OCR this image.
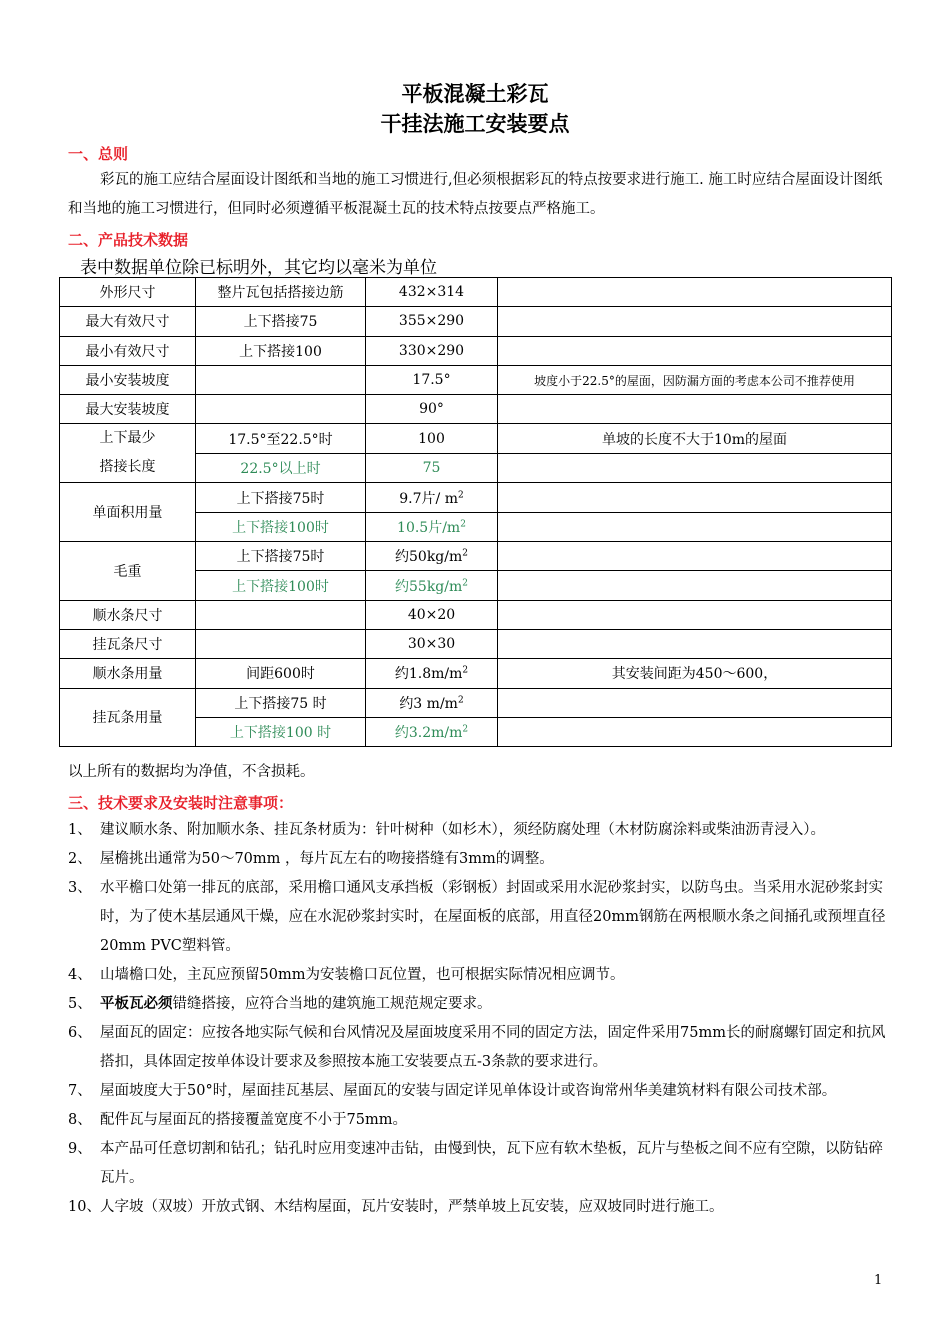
平板混凝土彩瓦
干挂法施工安装要点
一、总则
彩瓦的施工应结合屋面设计图纸和当地的施工习惯进行,但必须根据彩瓦的特点按要求进行施工. 施工时应结合屋面设计图纸和当地的施工习惯进行，但同时必须遵循平板混凝土瓦的技术特点按要点严格施工。
二、产品技术数据
表中数据单位除已标明外，其它均以毫米为单位
外形尺寸	整片瓦包括搭接边筋	432×314	
最大有效尺寸	上下搭接75	355×290	
最小有效尺寸	上下搭接100	330×290	
最小安装坡度		17.5°	坡度小于22.5°的屋面，因防漏方面的考虑本公司不推荐使用
最大安装坡度		90°	

上下最少
搭接长度	17.5°至22.5°时	100	单坡的长度不大于10m的屋面
	22.5°以上时	75	
单面积用量	上下搭接75时	9.7片/ $m^2$	
	上下搭接100时	10.5片$/m^2$	
毛重	上下搭接75时	约$50kg/m^2$	
	上下搭接100时	约$55kg/m^2$	
顺水条尺寸		40×20	
挂瓦条尺寸		30×30	
顺水条用量	间距600时	约$1.8m/m^2$	其安装间距为450～600，
挂瓦条用量	上下搭接75 时	约3 $m/m^2$	
	上下搭接100 时	约$3.2m/m^2$	
以上所有的数据均为净值，不含损耗。
三、技术要求及安装时注意事项：
1、 建议顺水条、附加顺水条、挂瓦条材质为：针叶树种（如杉木），须经防腐处理（木材防腐涂料或柴油沥青浸入）。
2、 屋檐挑出通常为50～70mm ，每片瓦左右的吻接搭缝有3mm的调整。
3、 水平檐口处第一排瓦的底部，采用檐口通风支承挡板（彩钢板）封固或采用水泥砂浆封实，以防鸟虫。当采用水泥砂浆封实时，为了使木基层通风干燥，应在水泥砂浆封实时，在屋面板的底部，用直径20mm钢筋在两根顺水条之间捅孔或预埋直径20mm PVC塑料管。
4、 山墙檐口处，主瓦应预留50mm为安装檐口瓦位置，也可根据实际情况相应调节。
5、 平板瓦必须错缝搭接，应符合当地的建筑施工规范规定要求。
6、 屋面瓦的固定：应按各地实际气候和台风情况及屋面坡度采用不同的固定方法，固定件采用75mm长的耐腐螺钉固定和抗风搭扣，具体固定按单体设计要求及参照按本施工安装要点五-3条款的要求进行。
7、 屋面坡度大于50°时，屋面挂瓦基层、屋面瓦的安装与固定详见单体设计或咨询常州华美建筑材料有限公司技术部。
8、 配件瓦与屋面瓦的搭接覆盖宽度不小于75mm。
9、 本产品可任意切割和钻孔；钻孔时应用变速冲击钻，由慢到快，瓦下应有软木垫板，瓦片与垫板之间不应有空隙，以防钻碎瓦片。
10、 人字坡（双坡）开放式钢、木结构屋面，瓦片安装时，严禁单坡上瓦安装，应双坡同时进行施工。
1
